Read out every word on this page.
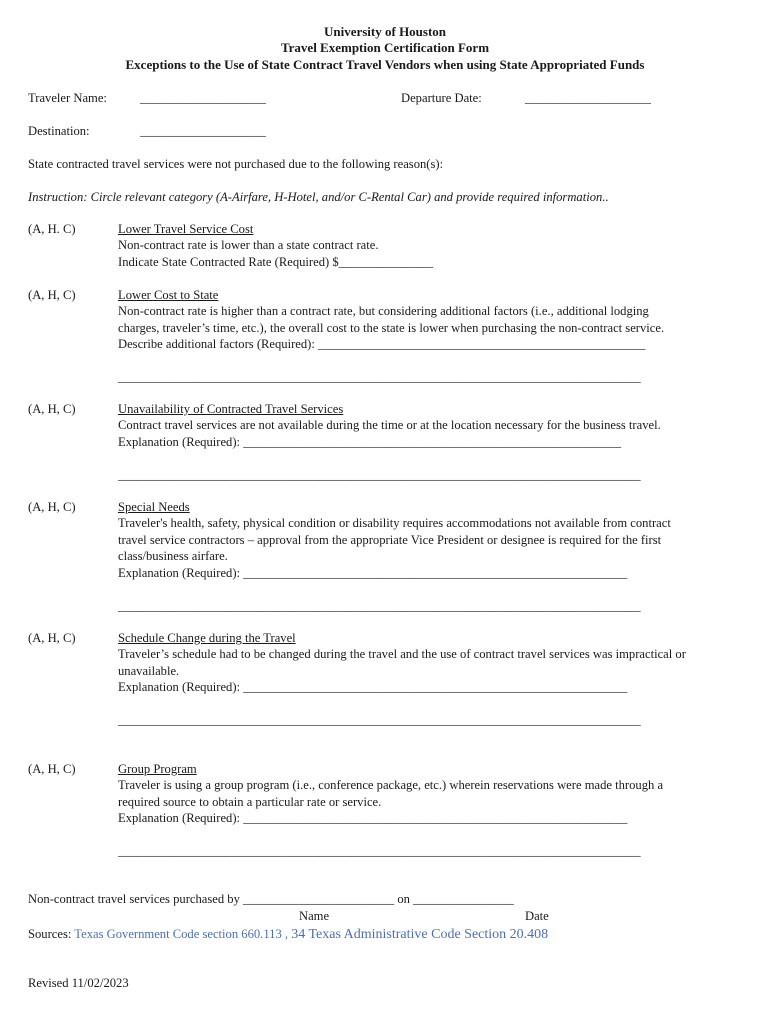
University of Houston
Travel Exemption Certification Form
Exceptions to the Use of State Contract Travel Vendors when using State Appropriated Funds
Traveler Name:	____________________	Departure Date:	____________________
Destination:	____________________
State contracted travel services were not purchased due to the following reason(s):
Instruction: Circle relevant category (A-Airfare, H-Hotel, and/or C-Rental Car) and provide required information..
(A, H. C)	Lower Travel Service Cost
Non-contract rate is lower than a state contract rate.
Indicate State Contracted Rate (Required) $_______________
(A, H, C)	Lower Cost to State
Non-contract rate is higher than a contract rate, but considering additional factors (i.e., additional lodging
charges, traveler’s time, etc.), the overall cost to the state is lower when purchasing the non-contract service.
Describe additional factors (Required): ____________________________________________________
___________________________________________________________________________________
(A, H, C)	Unavailability of Contracted Travel Services
Contract travel services are not available during the time or at the location necessary for the business travel.
Explanation (Required): ____________________________________________________________
___________________________________________________________________________________
(A, H, C)	Special Needs
Traveler's health, safety, physical condition or disability requires accommodations not available from contract
travel service contractors – approval from the appropriate Vice President or designee is required for the first
class/business airfare.
Explanation (Required): _____________________________________________________________
___________________________________________________________________________________
(A, H, C)	Schedule Change during the Travel
Traveler’s schedule had to be changed during the travel and the use of contract travel services was impractical or
unavailable.
Explanation (Required): _____________________________________________________________
___________________________________________________________________________________
(A, H, C)	Group Program
Traveler is using a group program (i.e., conference package, etc.) wherein reservations were made through a
required source to obtain a particular rate or service.
Explanation (Required): _____________________________________________________________
___________________________________________________________________________________
Non-contract travel services purchased by ________________________ on ________________
Name	Date
Sources: Texas Government Code section 660.113 , 34 Texas Administrative Code Section 20.408
Revised 11/02/2023
